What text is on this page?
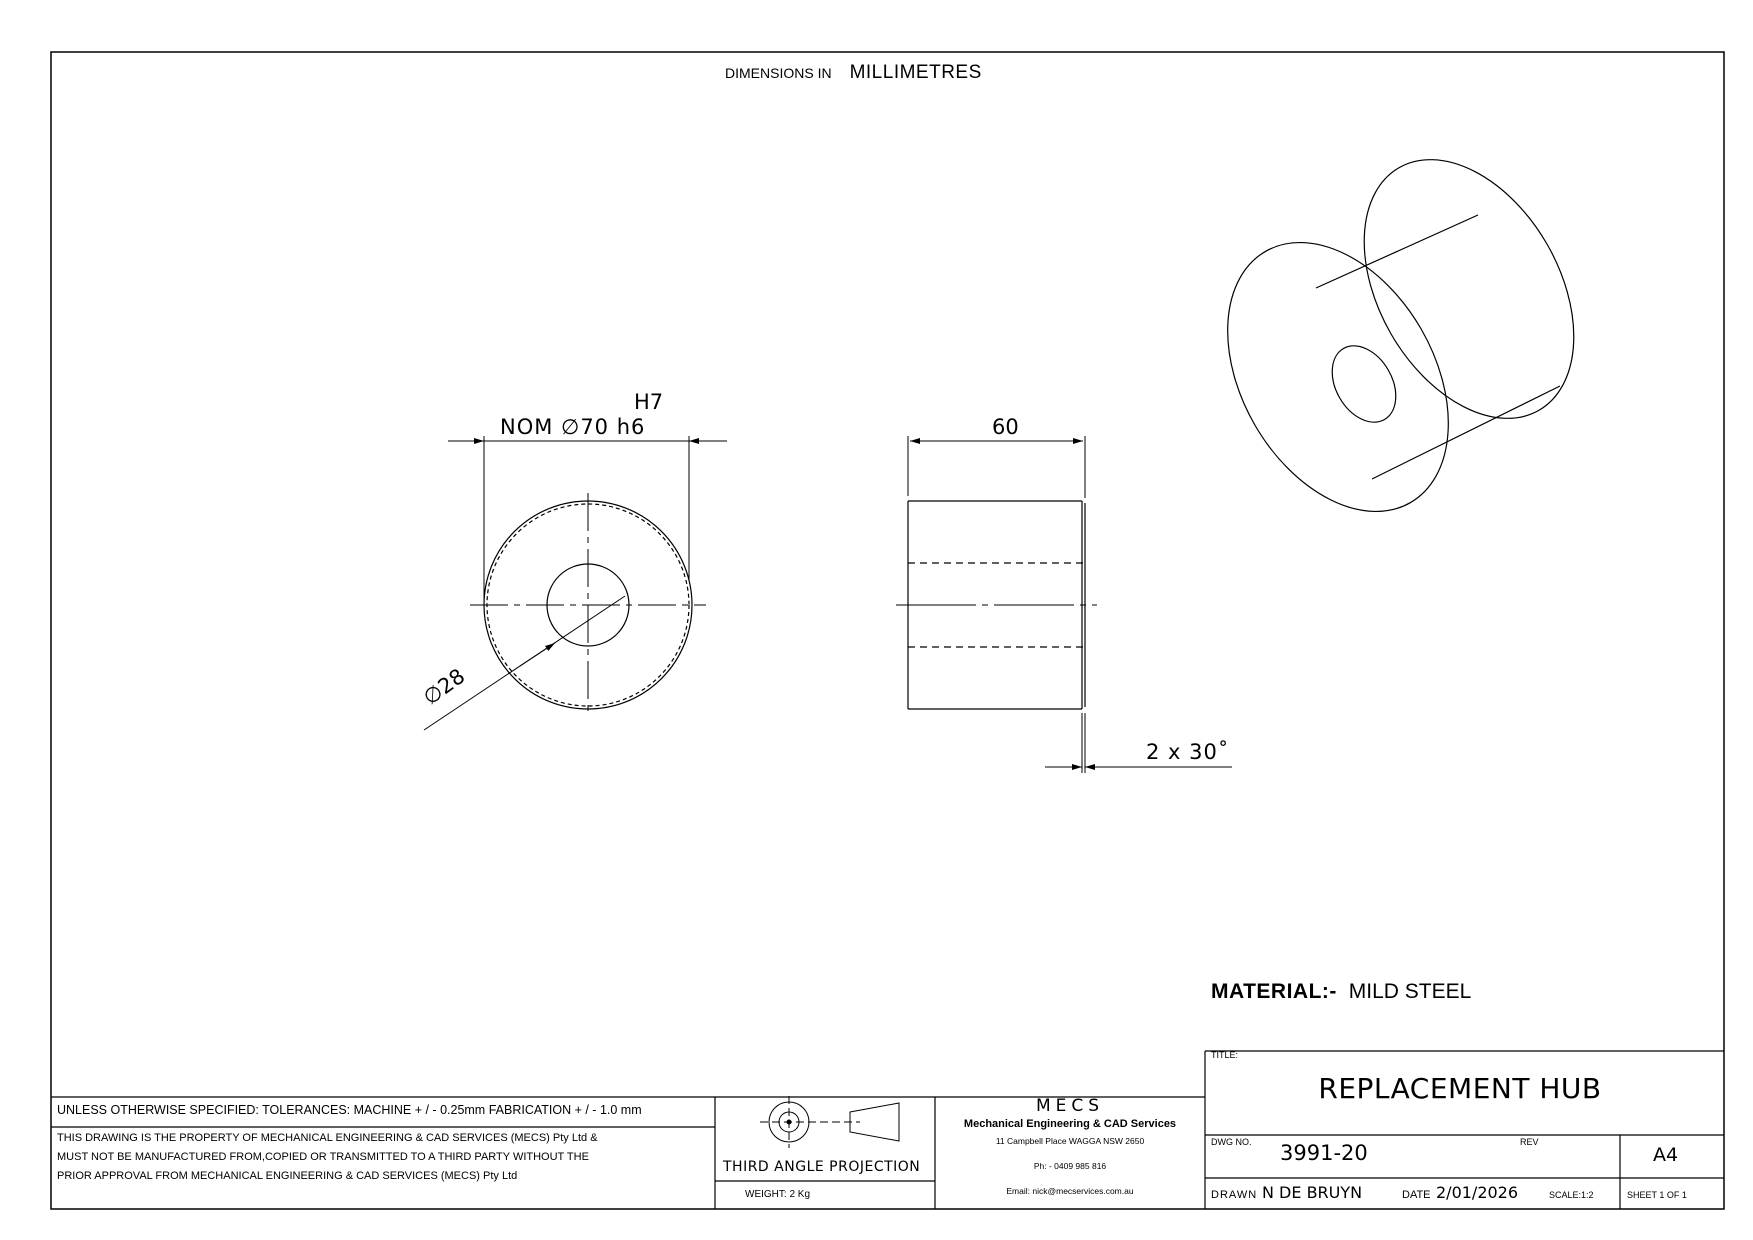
DIMENSIONS IN MILLIMETRES
H7
NOM ∅70 h6	60
∅28
2 x 30˚
MATERIAL:- MILD STEEL
TITLE:
REPLACEMENT HUB
DWG NO. 3991-20	REV
A4
DRAWN N DE BRUYN	DATE 2/01/2026	SCALE:1:2	SHEET 1 OF 1
UNLESS OTHERWISE SPECIFIED: TOLERANCES: MACHINE + / - 0.25mm FABRICATION + / - 1.0 mm
THIS DRAWING IS THE PROPERTY OF MECHANICAL ENGINEERING & CAD SERVICES (MECS) Pty Ltd &
MUST NOT BE MANUFACTURED FROM,COPIED OR TRANSMITTED TO A THIRD PARTY WITHOUT THE
PRIOR APPROVAL FROM MECHANICAL ENGINEERING & CAD SERVICES (MECS) Pty Ltd
THIRD ANGLE PROJECTION
WEIGHT: 2 Kg
MECS
Mechanical Engineering & CAD Services
11 Campbell Place WAGGA NSW 2650
Ph: - 0409 985 816
Email: nick@mecservices.com.au
